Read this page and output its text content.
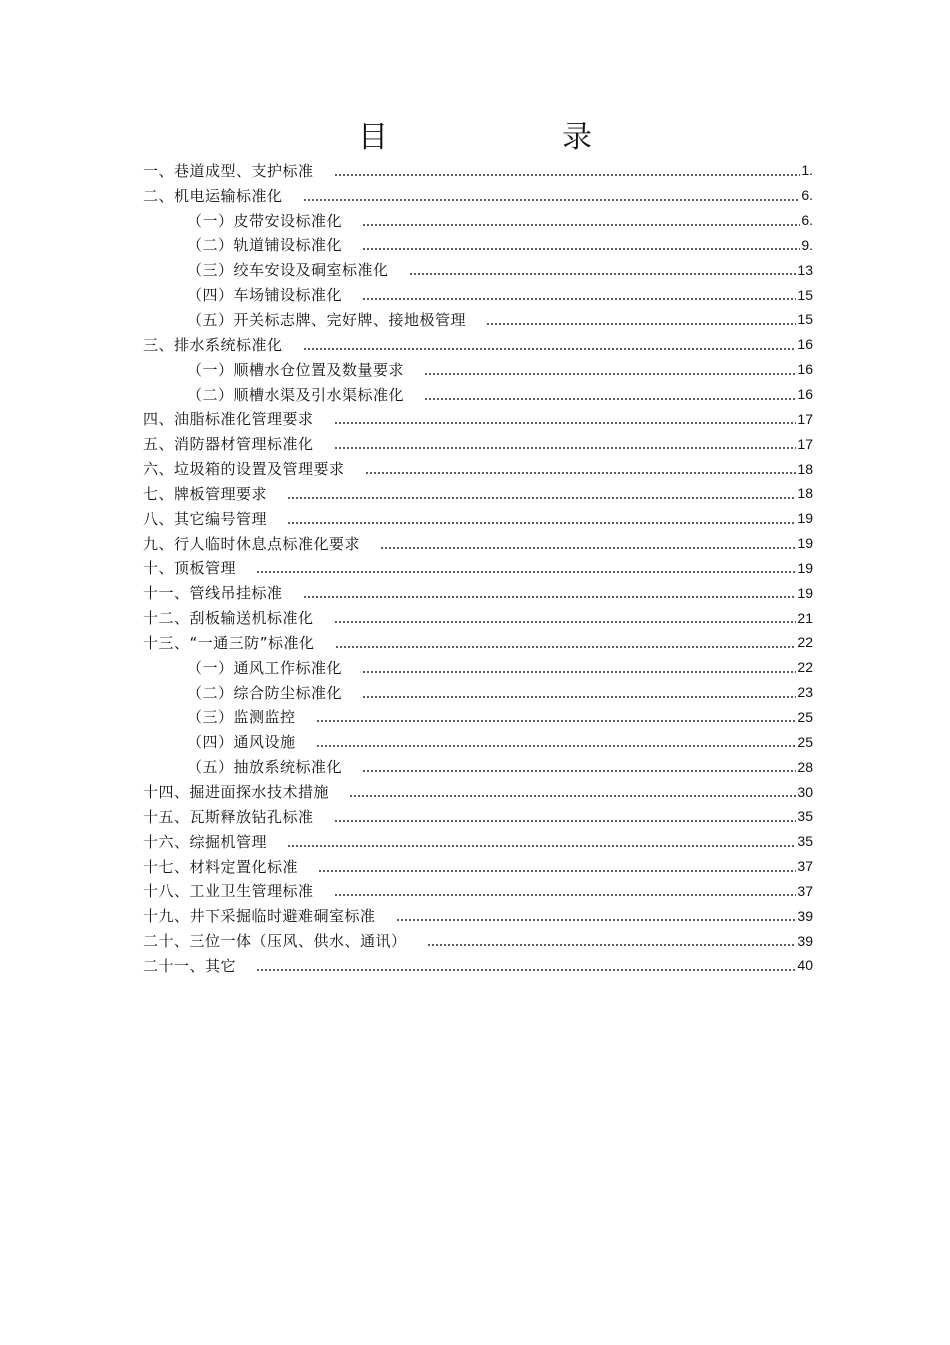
目　录
一、巷道成型、支护标准	1 .
二、机电运输标准化	6 .
（一）皮带安设标准化	6 .
（二）轨道铺设标准化	9 .
（三）绞车安设及硐室标准化	13
（四）车场铺设标准化	15
（五）开关标志牌、完好牌、接地极管理	15
三、排水系统标准化	16
（一）顺槽水仓位置及数量要求	16
（二）顺槽水渠及引水渠标准化	16
四、油脂标准化管理要求	17
五、消防器材管理标准化	17
六、垃圾箱的设置及管理要求	18
七、牌板管理要求	18
八、其它编号管理	19
九、行人临时休息点标准化要求	19
十、顶板管理	19
十一、管线吊挂标准	19
十二、刮板输送机标准化	21
十三、“一通三防”标准化	22
（一）通风工作标准化	22
（二）综合防尘标准化	23
（三）监测监控	25
（四）通风设施	25
（五）抽放系统标准化	28
十四、掘进面探水技术措施	30
十五、瓦斯释放钻孔标准	35
十六、综掘机管理	35
十七、材料定置化标准	37
十八、工业卫生管理标准	37
十九、井下采掘临时避难硐室标准	39
二十、三位一体（压风、供水、通讯）	39
二十一、其它	40
